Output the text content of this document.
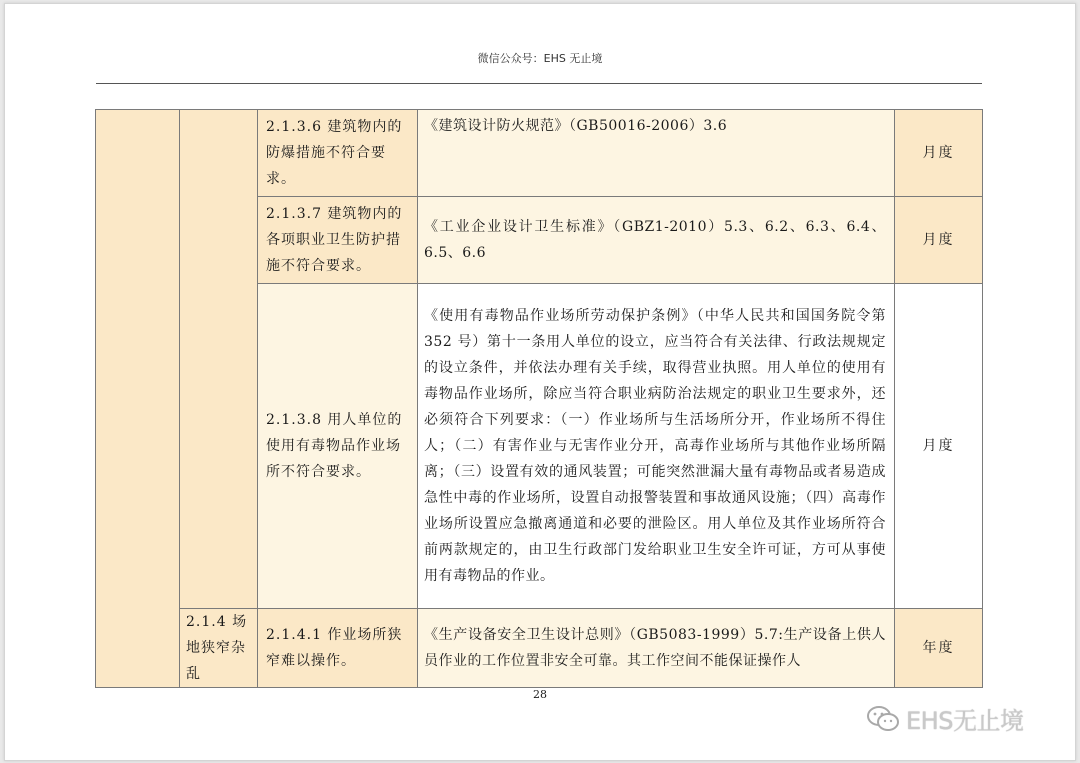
微信公众号：EHS 无止境
		2.1.3.6 建筑物内的防爆措施不符合要求。	《建筑设计防火规范》（GB50016-2006）3.6	月度
		2.1.3.7 建筑物内的各项职业卫生防护措施不符合要求。	《工业企业设计卫生标准》（GBZ1-2010）5.3、6.2、6.3、6.4、6.5、6.6	月度
		2.1.3.8 用人单位的使用有毒物品作业场所不符合要求。	《使用有毒物品作业场所劳动保护条例》（中华人民共和国国务院令第 352 号）第十一条用人单位的设立，应当符合有关法律、行政法规规定的设立条件，并依法办理有关手续，取得营业执照。用人单位的使用有毒物品作业场所，除应当符合职业病防治法规定的职业卫生要求外，还必须符合下列要求：（一）作业场所与生活场所分开，作业场所不得住人；（二）有害作业与无害作业分开，高毒作业场所与其他作业场所隔离；（三）设置有效的通风装置；可能突然泄漏大量有毒物品或者易造成急性中毒的作业场所，设置自动报警装置和事故通风设施；（四）高毒作业场所设置应急撤离通道和必要的泄险区。用人单位及其作业场所符合前两款规定的，由卫生行政部门发给职业卫生安全许可证，方可从事使用有毒物品的作业。	月度
	2.1.4 场地狭窄杂乱	2.1.4.1 作业场所狭窄难以操作。	《生产设备安全卫生设计总则》（GB5083-1999）5.7:生产设备上供人员作业的工作位置非安全可靠。其工作空间不能保证操作人	年度
28
EHS无止境
